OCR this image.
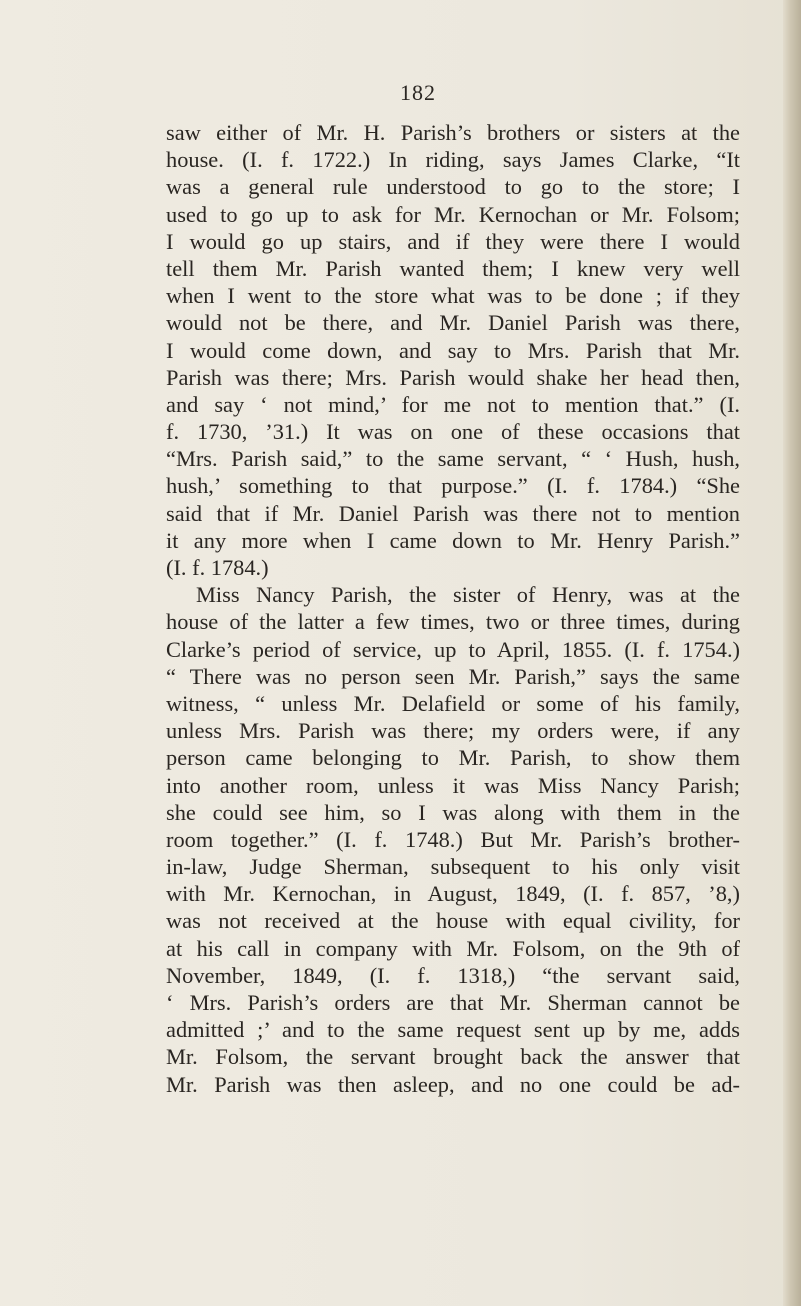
182

saw either of Mr. H. Parish’s brothers or sisters at the
house. (I. f. 1722.) In riding, says James Clarke, “It
was a general rule understood to go to the store; I
used to go up to ask for Mr. Kernochan or Mr. Folsom;
I would go up stairs, and if they were there I would
tell them Mr. Parish wanted them; I knew very well
when I went to the store what was to be done ; if they
would not be there, and Mr. Daniel Parish was there,
I would come down, and say to Mrs. Parish that Mr.
Parish was there; Mrs. Parish would shake her head then,
and say ‘ not mind,’ for me not to mention that.” (I.
f. 1730, ’31.) It was on one of these occasions that
“Mrs. Parish said,” to the same servant, “ ‘ Hush, hush,
hush,’ something to that purpose.” (I. f. 1784.) “She
said that if Mr. Daniel Parish was there not to mention
it any more when I came down to Mr. Henry Parish.”
(I. f. 1784.)
Miss Nancy Parish, the sister of Henry, was at the
house of the latter a few times, two or three times, during
Clarke’s period of service, up to April, 1855. (I. f. 1754.)
“ There was no person seen Mr. Parish,” says the same
witness, “ unless Mr. Delafield or some of his family,
unless Mrs. Parish was there; my orders were, if any
person came belonging to Mr. Parish, to show them
into another room, unless it was Miss Nancy Parish;
she could see him, so I was along with them in the
room together.” (I. f. 1748.) But Mr. Parish’s brother-
in-law, Judge Sherman, subsequent to his only visit
with Mr. Kernochan, in August, 1849, (I. f. 857, ’8,)
was not received at the house with equal civility, for
at his call in company with Mr. Folsom, on the 9th of
November, 1849, (I. f. 1318,) “the servant said,
‘ Mrs. Parish’s orders are that Mr. Sherman cannot be
admitted ;’ and to the same request sent up by me, adds
Mr. Folsom, the servant brought back the answer that
Mr. Parish was then asleep, and no one could be ad-
